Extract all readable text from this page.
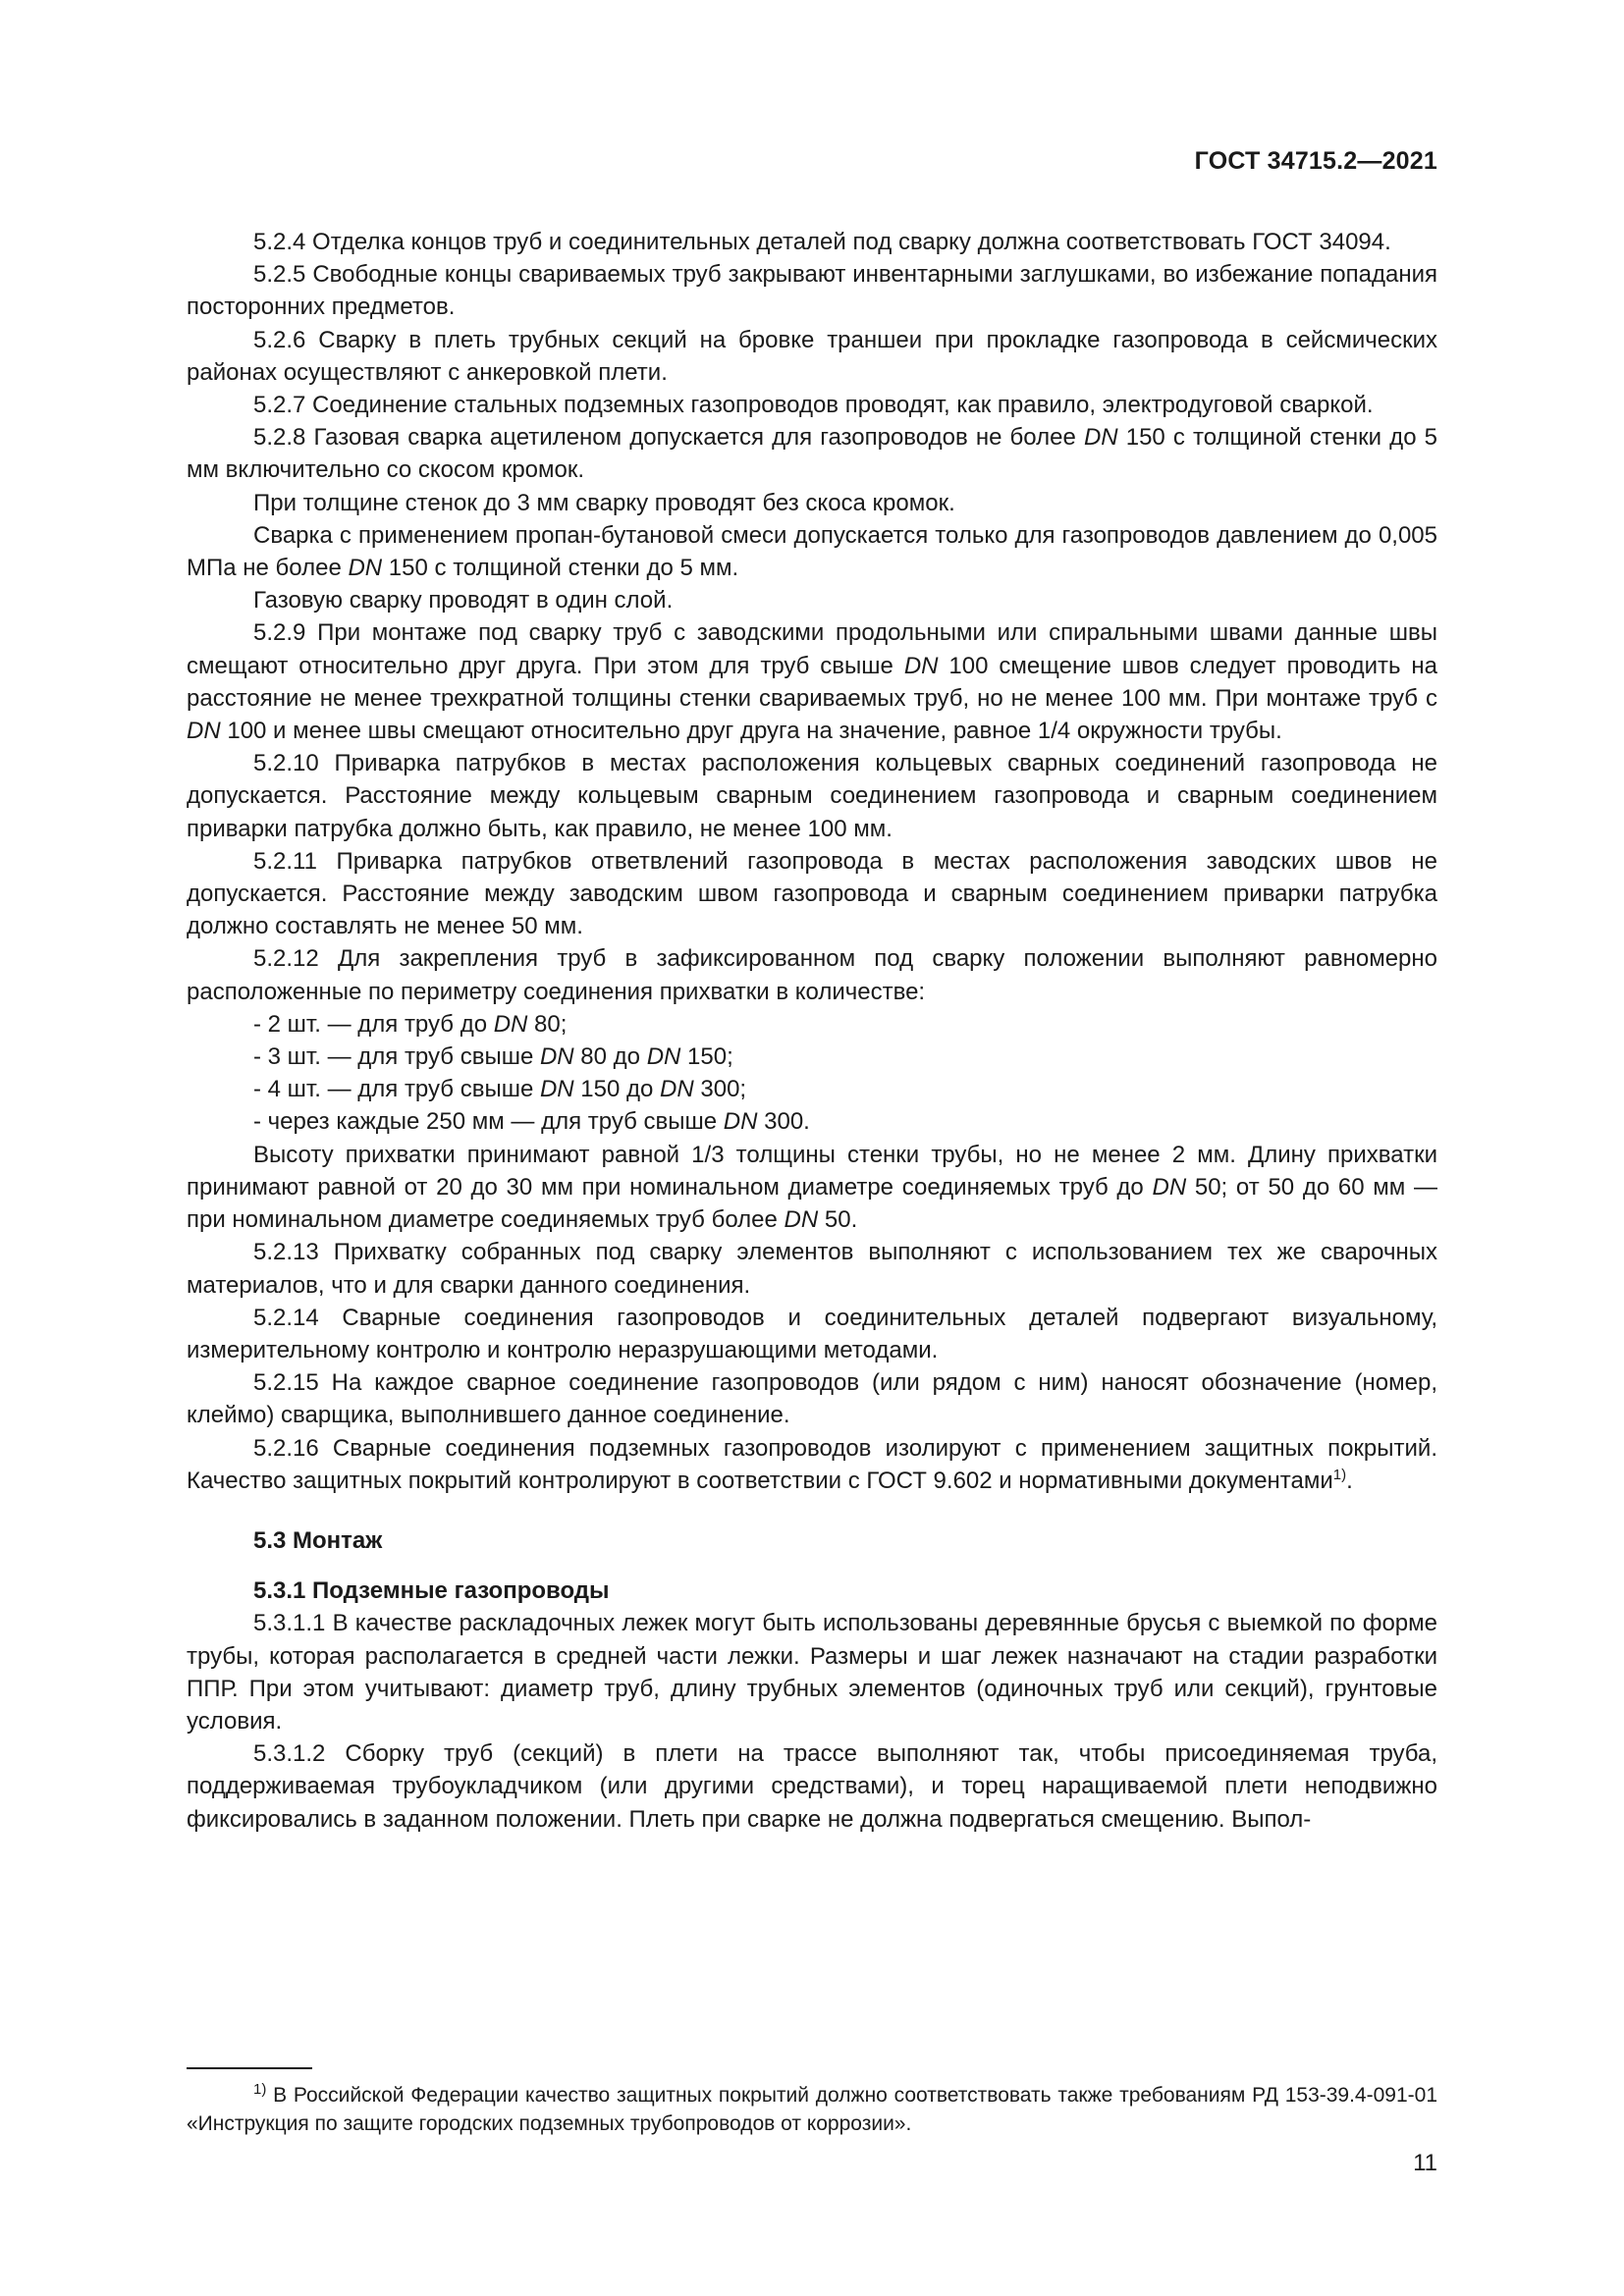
ГОСТ 34715.2—2021

5.2.4 Отделка концов труб и соединительных деталей под сварку должна соответствовать ГОСТ 34094.

5.2.5 Свободные концы свариваемых труб закрывают инвентарными заглушками, во избежание попадания посторонних предметов.

5.2.6 Сварку в плеть трубных секций на бровке траншеи при прокладке газопровода в сейсмических районах осуществляют с анкеровкой плети.

5.2.7 Соединение стальных подземных газопроводов проводят, как правило, электродуговой сваркой.

5.2.8 Газовая сварка ацетиленом допускается для газопроводов не более DN 150 с толщиной стенки до 5 мм включительно со скосом кромок.

При толщине стенок до 3 мм сварку проводят без скоса кромок.

Сварка с применением пропан-бутановой смеси допускается только для газопроводов давлением до 0,005 МПа не более DN 150 с толщиной стенки до 5 мм.

Газовую сварку проводят в один слой.

5.2.9 При монтаже под сварку труб с заводскими продольными или спиральными швами данные швы смещают относительно друг друга. При этом для труб свыше DN 100 смещение швов следует проводить на расстояние не менее трехкратной толщины стенки свариваемых труб, но не менее 100 мм. При монтаже труб с DN 100 и менее швы смещают относительно друг друга на значение, равное 1/4 окружности трубы.

5.2.10 Приварка патрубков в местах расположения кольцевых сварных соединений газопровода не допускается. Расстояние между кольцевым сварным соединением газопровода и сварным соединением приварки патрубка должно быть, как правило, не менее 100 мм.

5.2.11 Приварка патрубков ответвлений газопровода в местах расположения заводских швов не допускается. Расстояние между заводским швом газопровода и сварным соединением приварки патрубка должно составлять не менее 50 мм.

5.2.12 Для закрепления труб в зафиксированном под сварку положении выполняют равномерно расположенные по периметру соединения прихватки в количестве:

- 2 шт. — для труб до DN 80;

- 3 шт. — для труб свыше DN 80 до DN 150;

- 4 шт. — для труб свыше DN 150 до DN 300;

- через каждые 250 мм — для труб свыше DN 300.

Высоту прихватки принимают равной 1/3 толщины стенки трубы, но не менее 2 мм. Длину прихватки принимают равной от 20 до 30 мм при номинальном диаметре соединяемых труб до DN 50; от 50 до 60 мм — при номинальном диаметре соединяемых труб более DN 50.

5.2.13 Прихватку собранных под сварку элементов выполняют с использованием тех же сварочных материалов, что и для сварки данного соединения.

5.2.14 Сварные соединения газопроводов и соединительных деталей подвергают визуальному, измерительному контролю и контролю неразрушающими методами.

5.2.15 На каждое сварное соединение газопроводов (или рядом с ним) наносят обозначение (номер, клеймо) сварщика, выполнившего данное соединение.

5.2.16 Сварные соединения подземных газопроводов изолируют с применением защитных покрытий. Качество защитных покрытий контролируют в соответствии с ГОСТ 9.602 и нормативными документами$^{1)}$.

5.3 Монтаж

5.3.1 Подземные газопроводы

5.3.1.1 В качестве раскладочных лежек могут быть использованы деревянные брусья с выемкой по форме трубы, которая располагается в средней части лежки. Размеры и шаг лежек назначают на стадии разработки ППР. При этом учитывают: диаметр труб, длину трубных элементов (одиночных труб или секций), грунтовые условия.

5.3.1.2 Сборку труб (секций) в плети на трассе выполняют так, чтобы присоединяемая труба, поддерживаемая трубоукладчиком (или другими средствами), и торец наращиваемой плети неподвижно фиксировались в заданном положении. Плеть при сварке не должна подвергаться смещению. Выпол-

$^{1)}$ В Российской Федерации качество защитных покрытий должно соответствовать также требованиям РД 153-39.4-091-01 «Инструкция по защите городских подземных трубопроводов от коррозии».
11
